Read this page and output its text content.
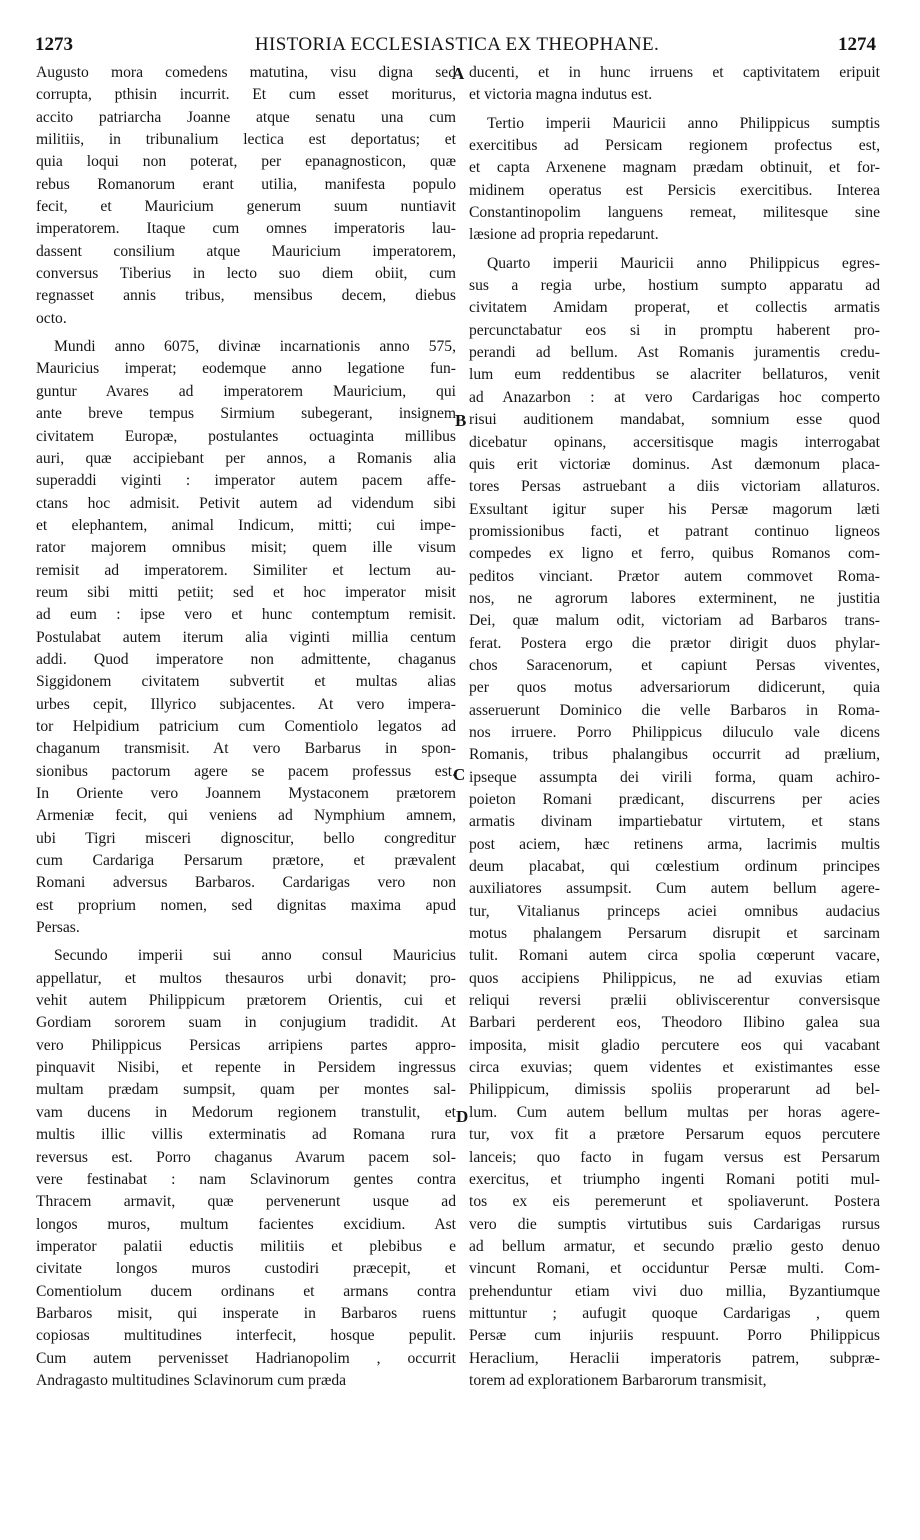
1273	HISTORIA ECCLESIASTICA EX THEOPHANE.	1274
Augusto mora comedens matutina, visu digna sed
corrupta, pthisin incurrit. Et cum esset moriturus,
accito patriarcha Joanne atque senatu una cum
militiis, in tribunalium lectica est deportatus; et
quia loqui non poterat, per epanagnosticon, quæ
rebus Romanorum erant utilia, manifesta populo
fecit, et Mauricium generum suum nuntiavit
imperatorem. Itaque cum omnes imperatoris lau-
dassent consilium atque Mauricium imperatorem,
conversus Tiberius in lecto suo diem obiit, cum
regnasset annis tribus, mensibus decem, diebus
octo.
Mundi anno 6075, divinæ incarnationis anno 575,
Mauricius imperat; eodemque anno legatione fun-
guntur Avares ad imperatorem Mauricium, qui
ante breve tempus Sirmium subegerant, insignem
civitatem Europæ, postulantes octuaginta millibus
auri, quæ accipiebant per annos, a Romanis alia
superaddi viginti : imperator autem pacem affe-
ctans hoc admisit. Petivit autem ad videndum sibi
et elephantem, animal Indicum, mitti; cui impe-
rator majorem omnibus misit; quem ille visum
remisit ad imperatorem. Similiter et lectum au-
reum sibi mitti petiit; sed et hoc imperator misit
ad eum : ipse vero et hunc contemptum remisit.
Postulabat autem iterum alia viginti millia centum
addi. Quod imperatore non admittente, chaganus
Siggidonem civitatem subvertit et multas alias
urbes cepit, Illyrico subjacentes. At vero impera-
tor Helpidium patricium cum Comentiolo legatos ad
chaganum transmisit. At vero Barbarus in spon-
sionibus pactorum agere se pacem professus est.
In Oriente vero Joannem Mystaconem prætorem
Armeniæ fecit, qui veniens ad Nymphium amnem,
ubi Tigri misceri dignoscitur, bello congreditur
cum Cardariga Persarum prætore, et prævalent
Romani adversus Barbaros. Cardarigas vero non
est proprium nomen, sed dignitas maxima apud
Persas.
Secundo imperii sui anno consul Mauricius
appellatur, et multos thesauros urbi donavit; pro-
vehit autem Philippicum prætorem Orientis, cui et
Gordiam sororem suam in conjugium tradidit. At
vero Philippicus Persicas arripiens partes appro-
pinquavit Nisibi, et repente in Persidem ingressus
multam prædam sumpsit, quam per montes sal-
vam ducens in Medorum regionem transtulit, et
multis illic villis exterminatis ad Romana rura
reversus est. Porro chaganus Avarum pacem sol-
vere festinabat : nam Sclavinorum gentes contra
Thracem armavit, quæ pervenerunt usque ad
longos muros, multum facientes excidium. Ast
imperator palatii eductis militiis et plebibus e
civitate longos muros custodiri præcepit, et
Comentiolum ducem ordinans et armans contra
Barbaros misit, qui insperate in Barbaros ruens
copiosas multitudines interfecit, hosque pepulit.
Cum autem pervenisset Hadrianopolim , occurrit
Andragasto multitudines Sclavinorum cum præda
ducenti, et in hunc irruens et captivitatem eripuit
et victoria magna indutus est.
Tertio imperii Mauricii anno Philippicus sumptis
exercitibus ad Persicam regionem profectus est,
et capta Arxenene magnam prædam obtinuit, et for-
midinem operatus est Persicis exercitibus. Interea
Constantinopolim languens remeat, militesque sine
læsione ad propria repedarunt.
Quarto imperii Mauricii anno Philippicus egres-
sus a regia urbe, hostium sumpto apparatu ad
civitatem Amidam properat, et collectis armatis
percunctabatur eos si in promptu haberent pro-
perandi ad bellum. Ast Romanis juramentis credu-
lum eum reddentibus se alacriter bellaturos, venit
ad Anazarbon : at vero Cardarigas hoc comperto
risui auditionem mandabat, somnium esse quod
dicebatur opinans, accersitisque magis interrogabat
quis erit victoriæ dominus. Ast dæmonum placa-
tores Persas astruebant a diis victoriam allaturos.
Exsultant igitur super his Persæ magorum læti
promissionibus facti, et patrant continuo ligneos
compedes ex ligno et ferro, quibus Romanos com-
peditos vinciant. Prætor autem commovet Roma-
nos, ne agrorum labores exterminent, ne justitia
Dei, quæ malum odit, victoriam ad Barbaros trans-
ferat. Postera ergo die prætor dirigit duos phylar-
chos Saracenorum, et capiunt Persas viventes,
per quos motus adversariorum didicerunt, quia
asseruerunt Dominico die velle Barbaros in Roma-
nos irruere. Porro Philippicus diluculo vale dicens
Romanis, tribus phalangibus occurrit ad prælium,
ipseque assumpta dei virili forma, quam achiro-
poieton Romani prædicant, discurrens per acies
armatis divinam impartiebatur virtutem, et stans
post aciem, hæc retinens arma, lacrimis multis
deum placabat, qui cœlestium ordinum principes
auxiliatores assumpsit. Cum autem bellum agere-
tur, Vitalianus princeps aciei omnibus audacius
motus phalangem Persarum disrupit et sarcinam
tulit. Romani autem circa spolia cœperunt vacare,
quos accipiens Philippicus, ne ad exuvias etiam
reliqui reversi prælii obliviscerentur conversisque
Barbari perderent eos, Theodoro Ilibino galea sua
imposita, misit gladio percutere eos qui vacabant
circa exuvias; quem videntes et existimantes esse
Philippicum, dimissis spoliis properarunt ad bel-
lum. Cum autem bellum multas per horas agere-
tur, vox fit a prætore Persarum equos percutere
lanceis; quo facto in fugam versus est Persarum
exercitus, et triumpho ingenti Romani potiti mul-
tos ex eis peremerunt et spoliaverunt. Postera
vero die sumptis virtutibus suis Cardarigas rursus
ad bellum armatur, et secundo prælio gesto denuo
vincunt Romani, et occiduntur Persæ multi. Com-
prehenduntur etiam vivi duo millia, Byzantiumque
mittuntur ; aufugit quoque Cardarigas , quem
Persæ cum injuriis respuunt. Porro Philippicus
Heraclium, Heraclii imperatoris patrem, subpræ-
torem ad explorationem Barbarorum transmisit,
A
B
C
D
